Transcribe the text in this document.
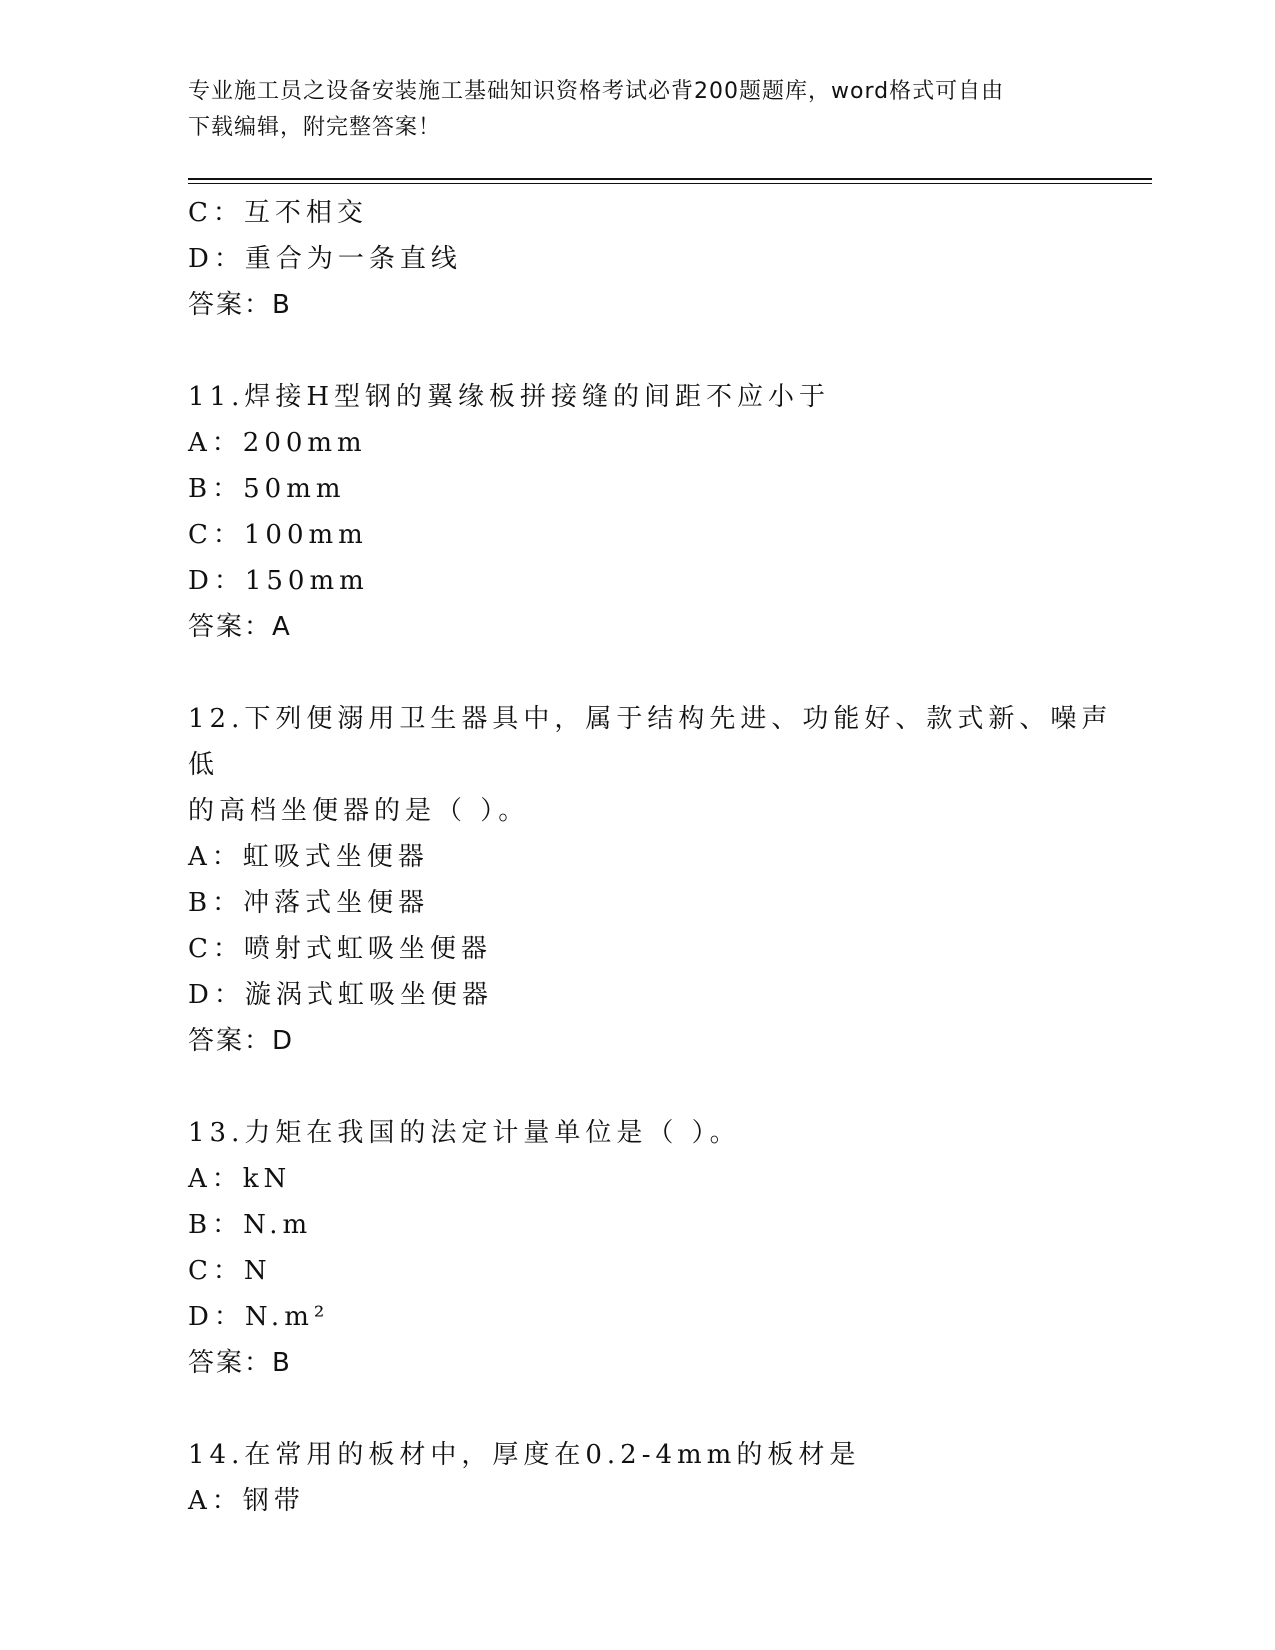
专业施工员之设备安装施工基础知识资格考试必背200题题库，word格式可自由
下载编辑，附完整答案！
C：互不相交
D：重合为一条直线
答案：B
11.焊接H型钢的翼缘板拼接缝的间距不应小于
A：200mm
B：50mm
C：100mm
D：150mm
答案：A
12.下列便溺用卫生器具中，属于结构先进、功能好、款式新、噪声低
的高档坐便器的是（ ）。
A：虹吸式坐便器
B：冲落式坐便器
C：喷射式虹吸坐便器
D：漩涡式虹吸坐便器
答案：D
13.力矩在我国的法定计量单位是（ ）。
A：kN
B：N.m
C：N
D：N.m²
答案：B
14.在常用的板材中，厚度在0.2-4mm的板材是
A：钢带
